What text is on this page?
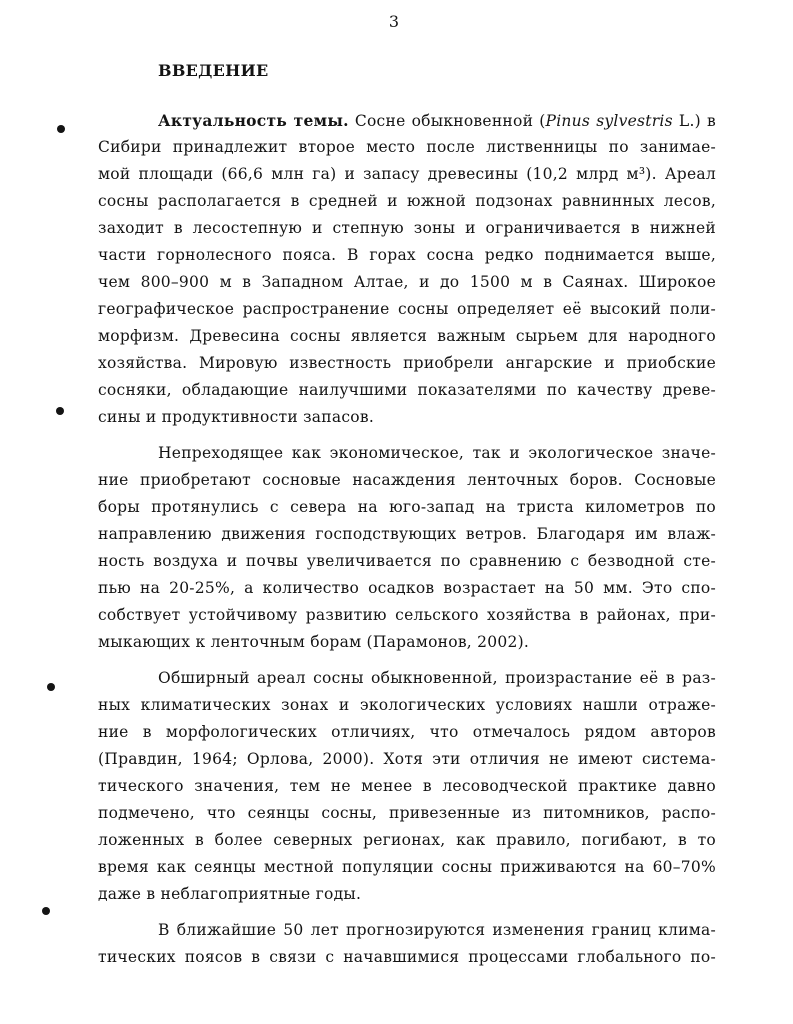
3
ВВЕДЕНИЕ
Актуальность темы. Сосне обыкновенной (Pinus sylvestris L.) в
Сибири принадлежит второе место после лиственницы по занимае-
мой площади (66,6 млн га) и запасу древесины (10,2 млрд м³). Ареал
сосны располагается в средней и южной подзонах равнинных лесов,
заходит в лесостепную и степную зоны и ограничивается в нижней
части горнолесного пояса. В горах сосна редко поднимается выше,
чем 800–900 м в Западном Алтае, и до 1500 м в Саянах. Широкое
географическое распространение сосны определяет её высокий поли-
морфизм. Древесина сосны является важным сырьем для народного
хозяйства. Мировую известность приобрели ангарские и приобские
сосняки, обладающие наилучшими показателями по качеству древе-
сины и продуктивности запасов.
Непреходящее как экономическое, так и экологическое значе-
ние приобретают сосновые насаждения ленточных боров. Сосновые
боры протянулись с севера на юго-запад на триста километров по
направлению движения господствующих ветров. Благодаря им влаж-
ность воздуха и почвы увеличивается по сравнению с безводной сте-
пью на 20-25%, а количество осадков возрастает на 50 мм. Это спо-
собствует устойчивому развитию сельского хозяйства в районах, при-
мыкающих к ленточным борам (Парамонов, 2002).
Обширный ареал сосны обыкновенной, произрастание её в раз-
ных климатических зонах и экологических условиях нашли отраже-
ние в морфологических отличиях, что отмечалось рядом авторов
(Правдин, 1964; Орлова, 2000). Хотя эти отличия не имеют система-
тического значения, тем не менее в лесоводческой практике давно
подмечено, что сеянцы сосны, привезенные из питомников, распо-
ложенных в более северных регионах, как правило, погибают, в то
время как сеянцы местной популяции сосны приживаются на 60–70%
даже в неблагоприятные годы.
В ближайшие 50 лет прогнозируются изменения границ клима-
тических поясов в связи с начавшимися процессами глобального по-
